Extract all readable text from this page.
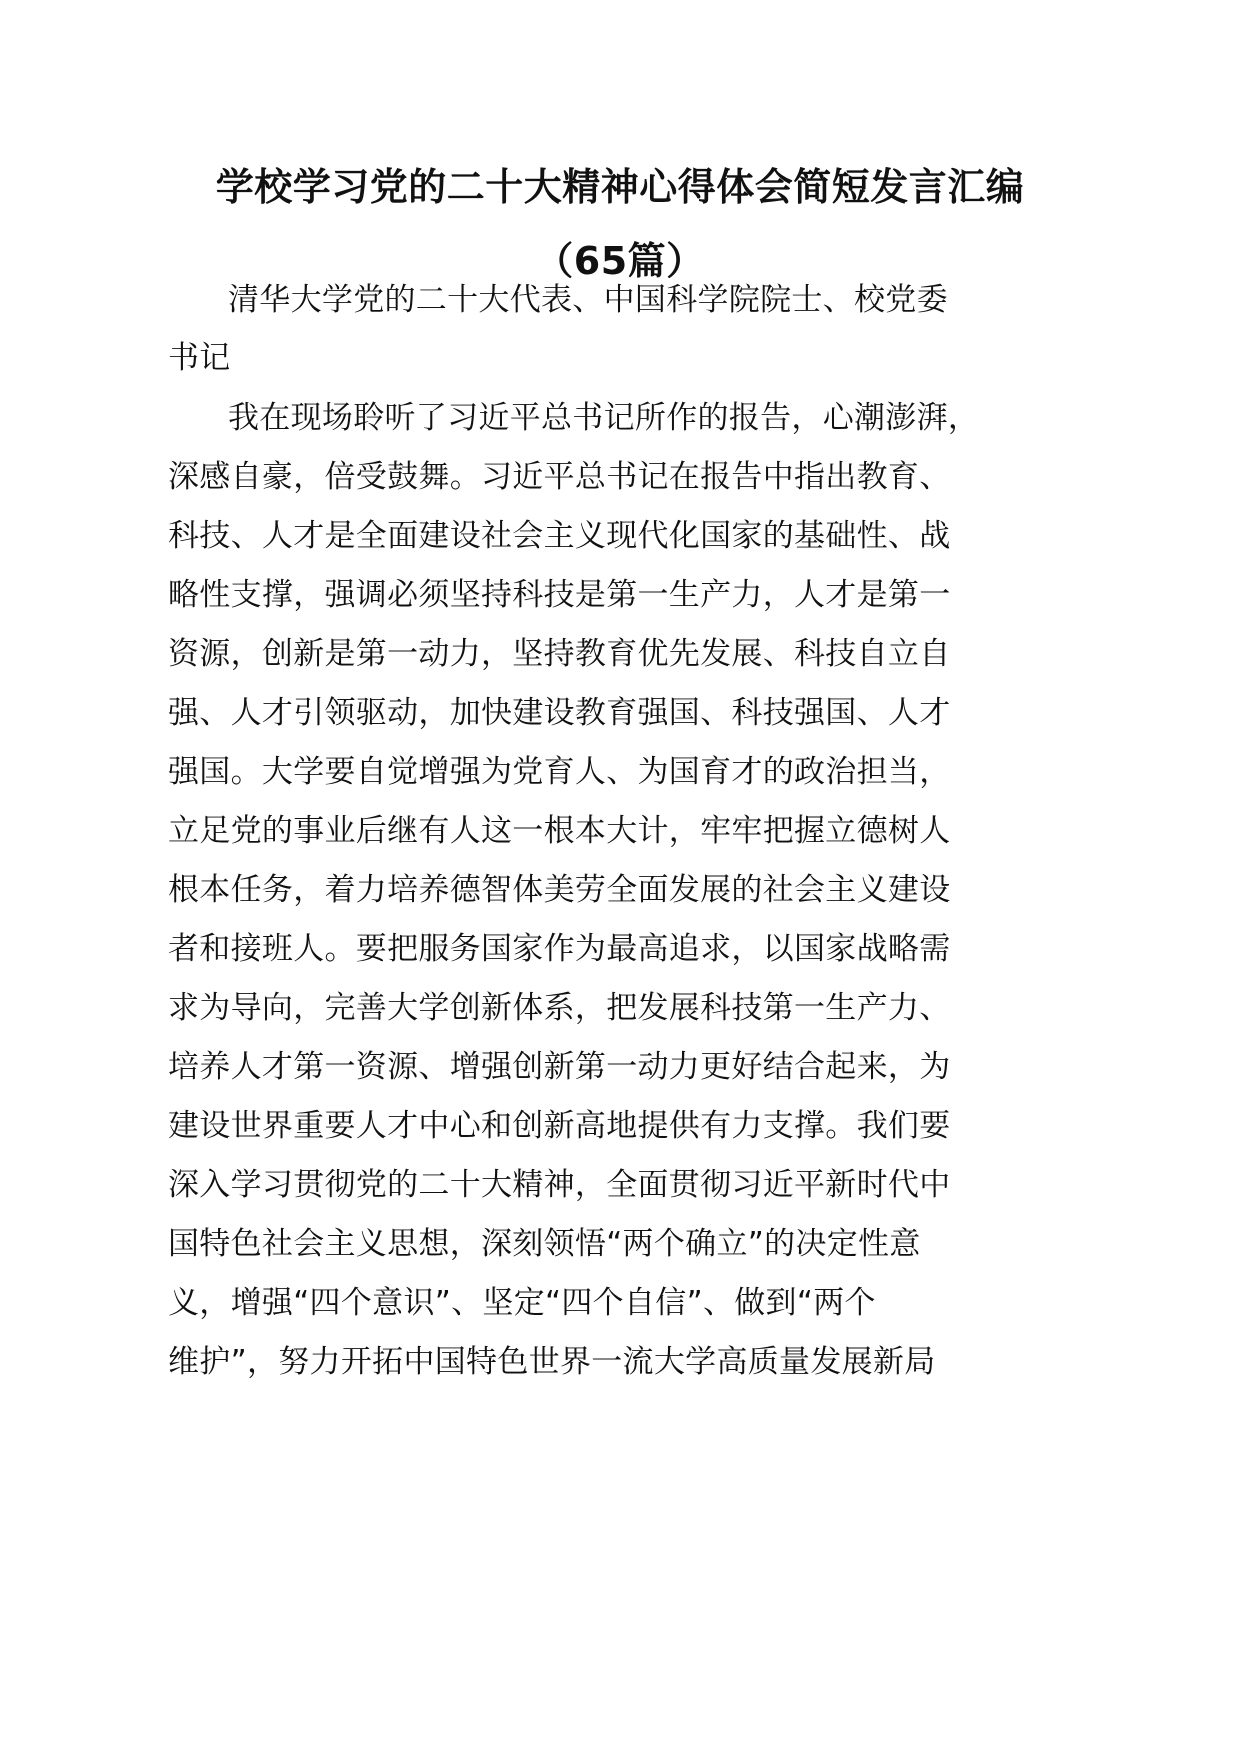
学校学习党的二十大精神心得体会简短发言汇编
（65篇）
清华大学党的二十大代表、中国科学院院士、校党委
书记
我在现场聆听了习近平总书记所作的报告，心潮澎湃，
深感自豪，倍受鼓舞。习近平总书记在报告中指出教育、
科技、人才是全面建设社会主义现代化国家的基础性、战
略性支撑，强调必须坚持科技是第一生产力，人才是第一
资源，创新是第一动力，坚持教育优先发展、科技自立自
强、人才引领驱动，加快建设教育强国、科技强国、人才
强国。大学要自觉增强为党育人、为国育才的政治担当，
立足党的事业后继有人这一根本大计，牢牢把握立德树人
根本任务，着力培养德智体美劳全面发展的社会主义建设
者和接班人。要把服务国家作为最高追求，以国家战略需
求为导向，完善大学创新体系，把发展科技第一生产力、
培养人才第一资源、增强创新第一动力更好结合起来，为
建设世界重要人才中心和创新高地提供有力支撑。我们要
深入学习贯彻党的二十大精神，全面贯彻习近平新时代中
国特色社会主义思想，深刻领悟“两个确立”的决定性意
义，增强“四个意识”、坚定“四个自信”、做到“两个
维护”，努力开拓中国特色世界一流大学高质量发展新局
